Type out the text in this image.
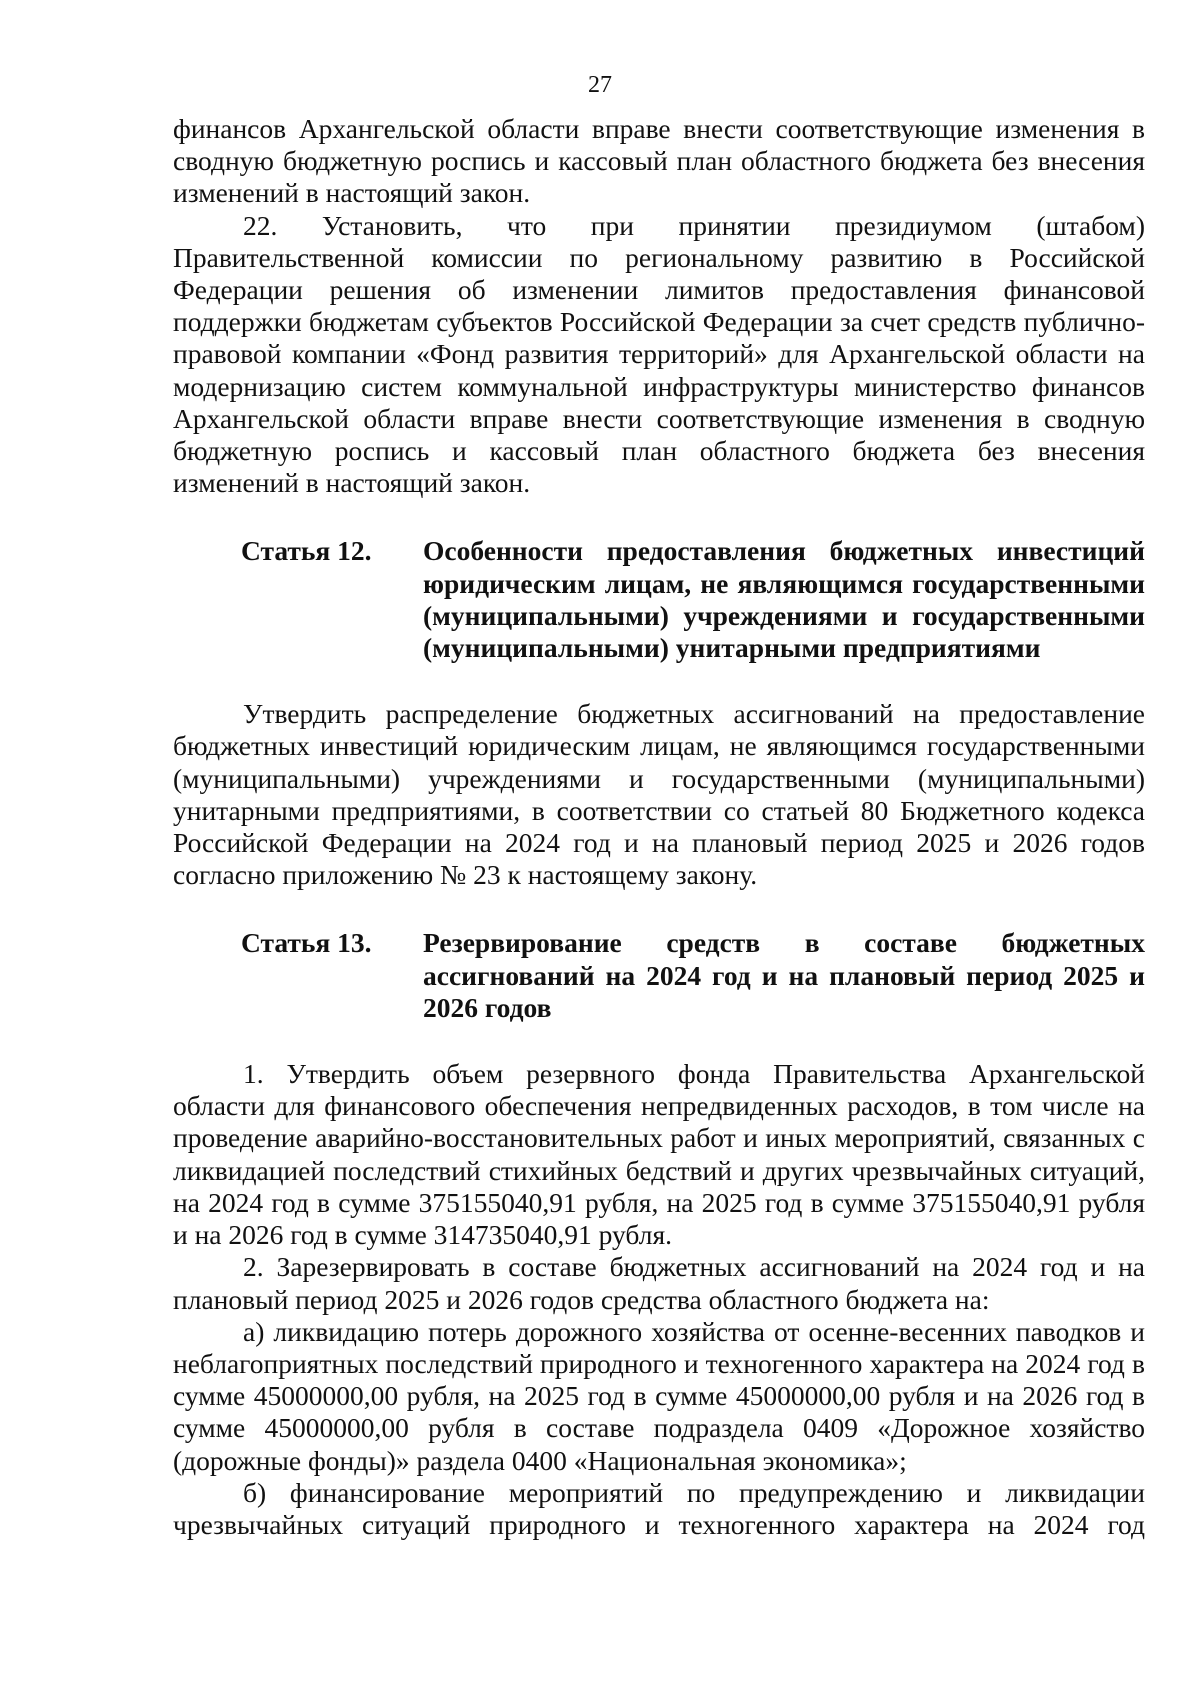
27

финансов Архангельской области вправе внести соответствующие изменения в сводную бюджетную роспись и кассовый план областного бюджета без внесения изменений в настоящий закон.

22. Установить, что при принятии президиумом (штабом) Правительственной комиссии по региональному развитию в Российской Федерации решения об изменении лимитов предоставления финансовой поддержки бюджетам субъектов Российской Федерации за счет средств публично-правовой компании «Фонд развития территорий» для Архангельской области на модернизацию систем коммунальной инфраструктуры министерство финансов Архангельской области вправе внести соответствующие изменения в сводную бюджетную роспись и кассовый план областного бюджета без внесения изменений в настоящий закон.

Статья 12.	Особенности предоставления бюджетных инвестиций юридическим лицам, не являющимся государственными (муниципальными) учреждениями и государственными (муниципальными) унитарными предприятиями

Утвердить распределение бюджетных ассигнований на предоставление бюджетных инвестиций юридическим лицам, не являющимся государственными (муниципальными) учреждениями и государственными (муниципальными) унитарными предприятиями, в соответствии со статьей 80 Бюджетного кодекса Российской Федерации на 2024 год и на плановый период 2025 и 2026 годов согласно приложению № 23 к настоящему закону.

Статья 13.	Резервирование средств в составе бюджетных ассигнований на 2024 год и на плановый период 2025 и 2026 годов

1. Утвердить объем резервного фонда Правительства Архангельской области для финансового обеспечения непредвиденных расходов, в том числе на проведение аварийно-восстановительных работ и иных мероприятий, связанных с ликвидацией последствий стихийных бедствий и других чрезвычайных ситуаций, на 2024 год в сумме 375155040,91 рубля, на 2025 год в сумме 375155040,91 рубля и на 2026 год в сумме 314735040,91 рубля.

2. Зарезервировать в составе бюджетных ассигнований на 2024 год и на плановый период 2025 и 2026 годов средства областного бюджета на:

а) ликвидацию потерь дорожного хозяйства от осенне-весенних паводков и неблагоприятных последствий природного и техногенного характера на 2024 год в сумме 45000000,00 рубля, на 2025 год в сумме 45000000,00 рубля и на 2026 год в сумме 45000000,00 рубля в составе подраздела 0409 «Дорожное хозяйство (дорожные фонды)» раздела 0400 «Национальная экономика»;

б) финансирование мероприятий по предупреждению и ликвидации чрезвычайных ситуаций природного и техногенного характера на 2024 год
